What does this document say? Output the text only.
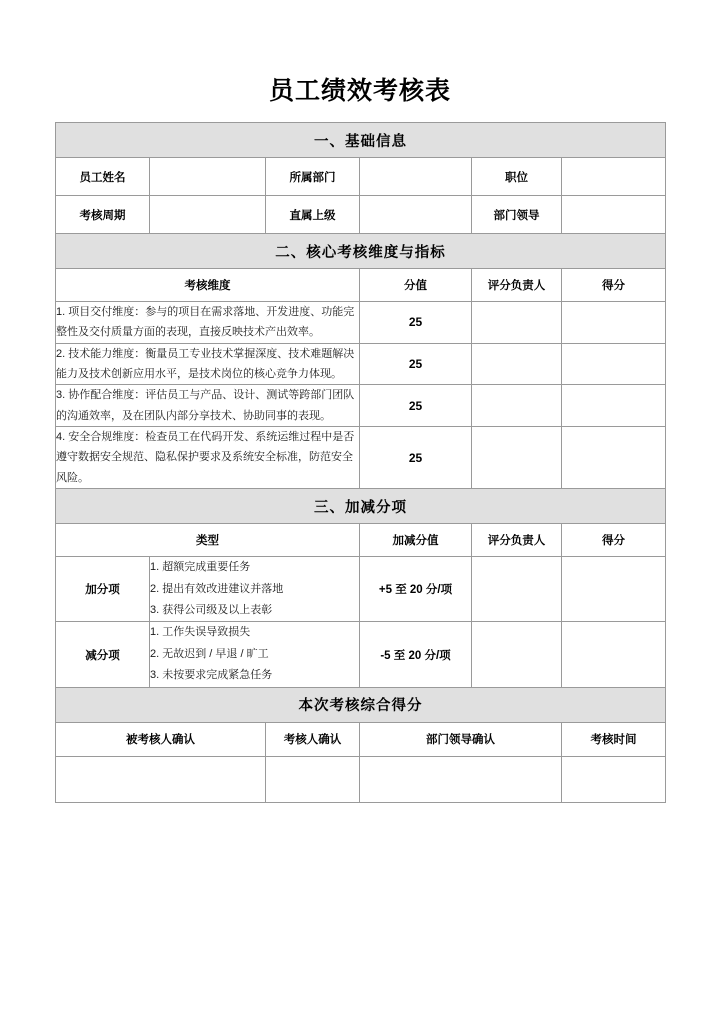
员工绩效考核表
一、基础信息					
员工姓名		所属部门		职位	
考核周期		直属上级		部门领导	
二、核心考核维度与指标					
考核维度			分值	评分负责人	得分
1. 项目交付维度：参与的项目在需求落地、开发进度、功能完整性及交付质量方面的表现，直接反映技术产出效率。			25		
2. 技术能力维度：衡量员工专业技术掌握深度、技术难题解决能力及技术创新应用水平，是技术岗位的核心竞争力体现。			25		
3. 协作配合维度：评估员工与产品、设计、测试等跨部门团队的沟通效率，及在团队内部分享技术、协助同事的表现。			25		
4. 安全合规维度：检查员工在代码开发、系统运维过程中是否遵守数据安全规范、隐私保护要求及系统安全标准，防范安全风险。			25		
三、加减分项					
类型			加减分值	评分负责人	得分
加分项	1. 超额完成重要任务
2. 提出有效改进建议并落地
3. 获得公司级及以上表彰		+5 至 20 分/项		
减分项	1. 工作失误导致损失
2. 无故迟到 / 早退 / 旷工
3. 未按要求完成紧急任务		-5 至 20 分/项		
本次考核综合得分					
被考核人确认		考核人确认	部门领导确认		考核时间
